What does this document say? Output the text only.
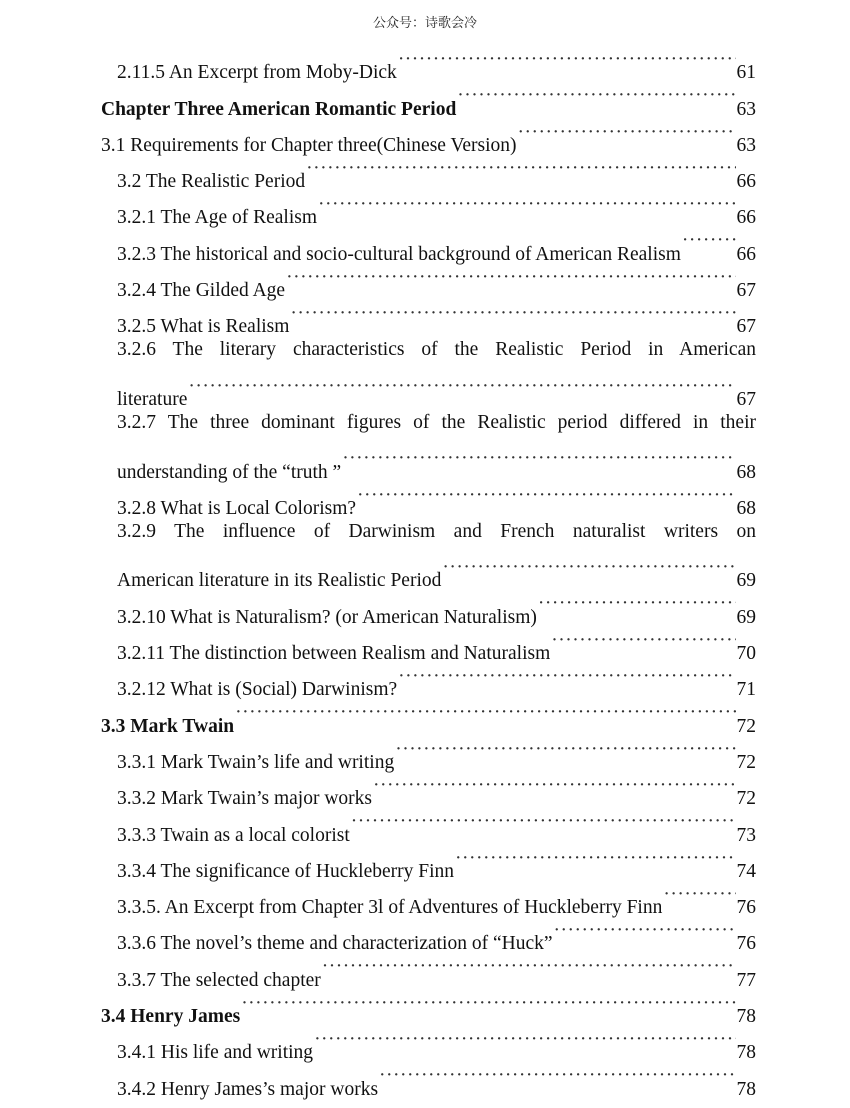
公众号：诗歌会冷
2.11.5 An Excerpt from Moby-Dick ·····	61
Chapter Three American Romantic Period ·····	63
3.1 Requirements for Chapter three(Chinese Version) ·····	63
3.2 The Realistic Period ·····	66
3.2.1 The Age of Realism ·····	66
3.2.3 The historical and socio-cultural background of American Realism ·····	66
3.2.4 The Gilded Age ·····	67
3.2.5 What is Realism ·····	67
3.2.6 The literary characteristics of the Realistic Period in American
literature ·····	67
3.2.7 The three dominant figures of the Realistic period differed in their
understanding of the “truth ” ·····	68
3.2.8 What is Local Colorism? ·····	68
3.2.9 The influence of Darwinism and French naturalist writers on
American literature in its Realistic Period ·····	69
3.2.10 What is Naturalism? (or American Naturalism) ·····	69
3.2.11 The distinction between Realism and Naturalism ·····	70
3.2.12 What is (Social) Darwinism? ·····	71
3.3 Mark Twain ·····	72
3.3.1 Mark Twain’s life and writing ·····	72
3.3.2 Mark Twain’s major works ·····	72
3.3.3 Twain as a local colorist ·····	73
3.3.4 The significance of Huckleberry Finn ·····	74
3.3.5. An Excerpt from Chapter 3l of Adventures of Huckleberry Finn ·····	76
3.3.6 The novel’s theme and characterization of “Huck” ·····	76
3.3.7 The selected chapter ·····	77
3.4 Henry James ·····	78
3.4.1 His life and writing ·····	78
3.4.2 Henry James’s major works ·····	78
